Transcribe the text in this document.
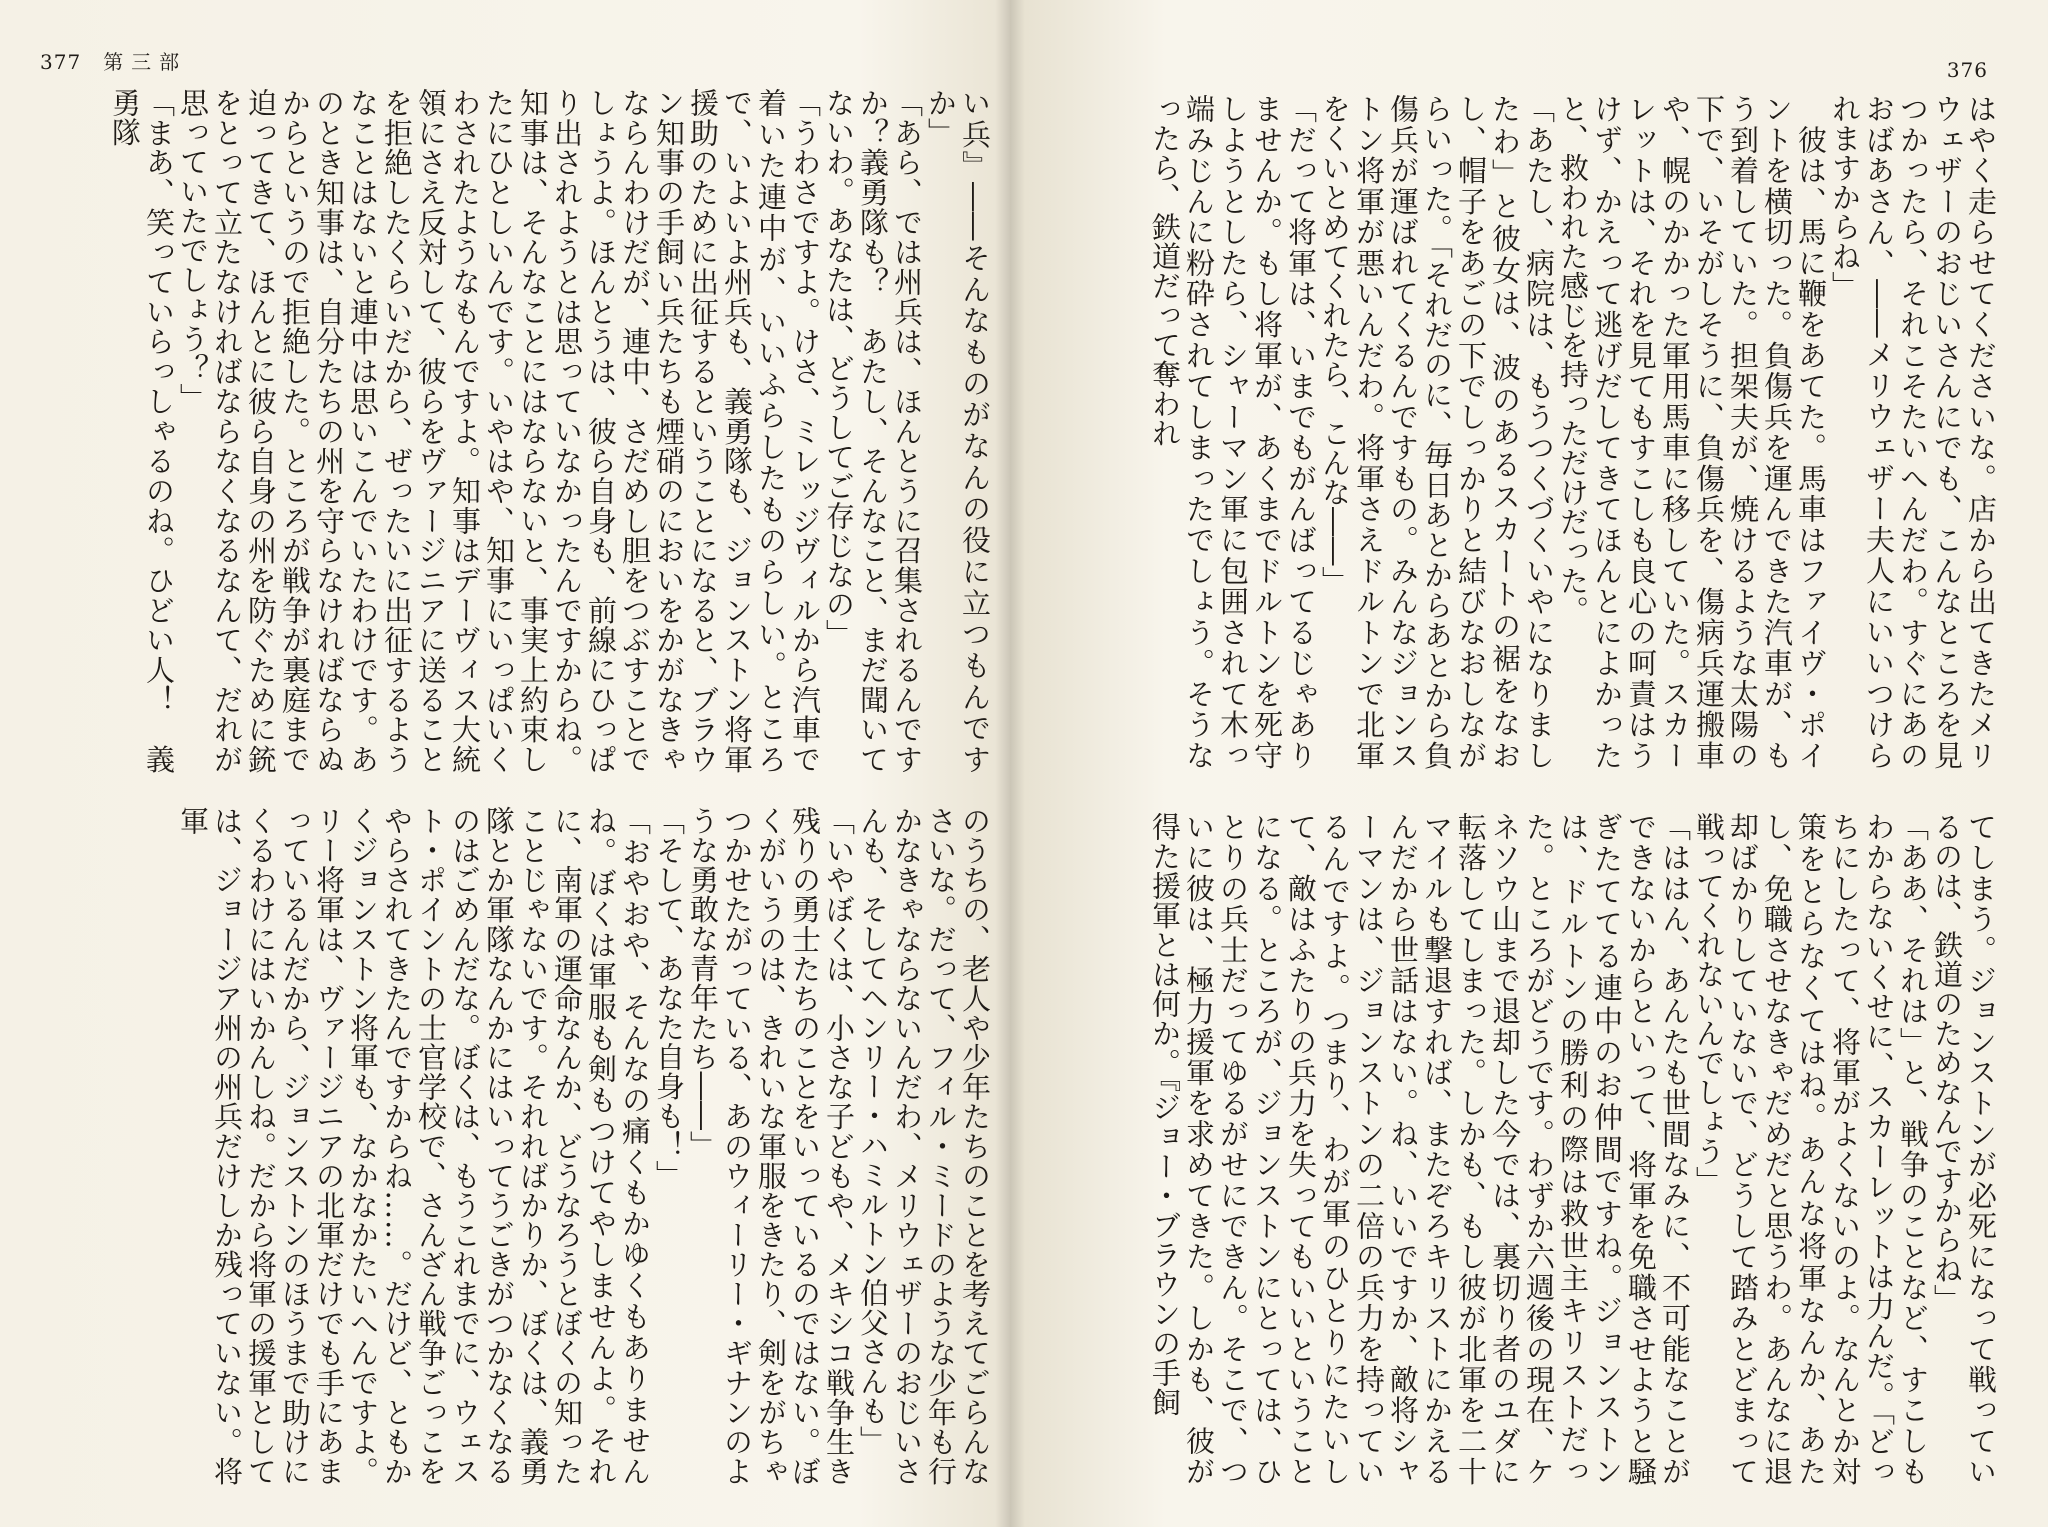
377 第三部
い兵』――そんなものがなんの役に立つもんですか」
「あら、では州兵は、ほんとうに召集されるんですか？義勇隊も？　あたし、そんなこと、まだ聞いてないわ。あなたは、どうしてご存じなの」
「うわさですよ。けさ、ミレッジヴィルから汽車で着いた連中が、いいふらしたものらしい。ところで、いよいよ州兵も、義勇隊も、ジョンストン将軍援助のために出征するということになると、ブラウン知事の手飼い兵たちも煙硝のにおいをかがなきゃならんわけだが、連中、さだめし胆をつぶすことでしょうよ。ほんとうは、彼ら自身も、前線にひっぱり出されようとは思っていなかったんですからね。知事は、そんなことにはならないと、事実上約束したにひとしいんです。いやはや、知事にいっぱいくわされたようなもんですよ。知事はデーヴィス大統領にさえ反対して、彼らをヴァージニアに送ることを拒絶したくらいだから、ぜったいに出征するようなことはないと連中は思いこんでいたわけです。あのとき知事は、自分たちの州を守らなければならぬからというので拒絶した。ところが戦争が裏庭まで迫ってきて、ほんとに彼ら自身の州を防ぐために銃をとって立たなければならなくなるなんて、だれが思っていたでしょう？」
「まあ、笑っていらっしゃるのね。ひどい人！　義勇隊
のうちの、老人や少年たちのことを考えてごらんなさいな。だって、フィル・ミードのような少年も行かなきゃならないんだわ、メリウェザーのおじいさんも、そしてヘンリー・ハミルトン伯父さんも」
「いやぼくは、小さな子どもや、メキシコ戦争生き残りの勇士たちのことをいっているのではない。ぼくがいうのは、きれいな軍服をきたり、剣をがちゃつかせたがっている、あのウィーリー・ギナンのような勇敢な青年たち――」
「そして、あなた自身も！」
「おやおや、そんなの痛くもかゆくもありませんね。ぼくは軍服も剣もつけてやしませんよ。それに、南軍の運命なんか、どうなろうとぼくの知ったことじゃないです。それればかりか、ぼくは、義勇隊とか軍隊なんかにはいってうごきがつかなくなるのはごめんだな。ぼくは、もうこれまでに、ウェスト・ポイントの士官学校で、さんざん戦争ごっこをやらされてきたんですからね……。だけど、ともかくジョンストン将軍も、なかなかたいへんですよ。リー将軍は、ヴァージニアの北軍だけでも手にあまっているんだから、ジョンストンのほうまで助けにくるわけにはいかんしね。だから将軍の援軍としては、ジョージア州の州兵だけしか残っていない。将軍
376
はやく走らせてくださいな。店から出てきたメリウェザーのおじいさんにでも、こんなところを見つかったら、それこそたいへんだわ。すぐにあのおばあさん、――メリウェザー夫人にいいつけられますからね」
　彼は、馬に鞭をあてた。馬車はファイヴ・ポイントを横切った。負傷兵を運んできた汽車が、もう到着していた。担架夫が、焼けるような太陽の下で、いそがしそうに、負傷兵を、傷病兵運搬車や、幌のかかった軍用馬車に移していた。スカーレットは、それを見てもすこしも良心の呵責はうけず、かえって逃げだしてきてほんとによかったと、救われた感じを持っただけだった。
「あたし、病院は、もうつくづくいやになりましたわ」と彼女は、波のあるスカートの裾をなおし、帽子をあごの下でしっかりと結びなおしながらいった。「それだのに、毎日あとからあとから負傷兵が運ばれてくるんですもの。みんなジョンストン将軍が悪いんだわ。将軍さえドルトンで北軍をくいとめてくれたら、こんな――」
「だって将軍は、いまでもがんばってるじゃありませんか。もし将軍が、あくまでドルトンを死守しようとしたら、シャーマン軍に包囲されて木っ端みじんに粉砕されてしまったでしょう。そうなったら、鉄道だって奪われ
てしまう。ジョンストンが必死になって戦っているのは、鉄道のためなんですからね」
「ああ、それは」と、戦争のことなど、すこしもわからないくせに、スカーレットは力んだ。「どっちにしたって、将軍がよくないのよ。なんとか対策をとらなくてはね。あんな将軍なんか、あたし、免職させなきゃだめだと思うわ。あんなに退却ばかりしていないで、どうして踏みとどまって戦ってくれないんでしょう」
「ははん、あんたも世間なみに、不可能なことができないからといって、将軍を免職させようと騒ぎたててる連中のお仲間ですね。ジョンストンは、ドルトンの勝利の際は救世主キリストだった。ところがどうです。わずか六週後の現在、ケネソウ山まで退却した今では、裏切り者のユダに転落してしまった。しかも、もし彼が北軍を二十マイルも撃退すれば、またぞろキリストにかえるんだから世話はない。ね、いいですか、敵将シャーマンは、ジョンストンの二倍の兵力を持っているんですよ。つまり、わが軍のひとりにたいして、敵はふたりの兵力を失ってもいいということになる。ところが、ジョンストンにとっては、ひとりの兵士だってゆるがせにできん。そこで、ついに彼は、極力援軍を求めてきた。しかも、彼が得た援軍とは何か。『ジョー・ブラウンの手飼
